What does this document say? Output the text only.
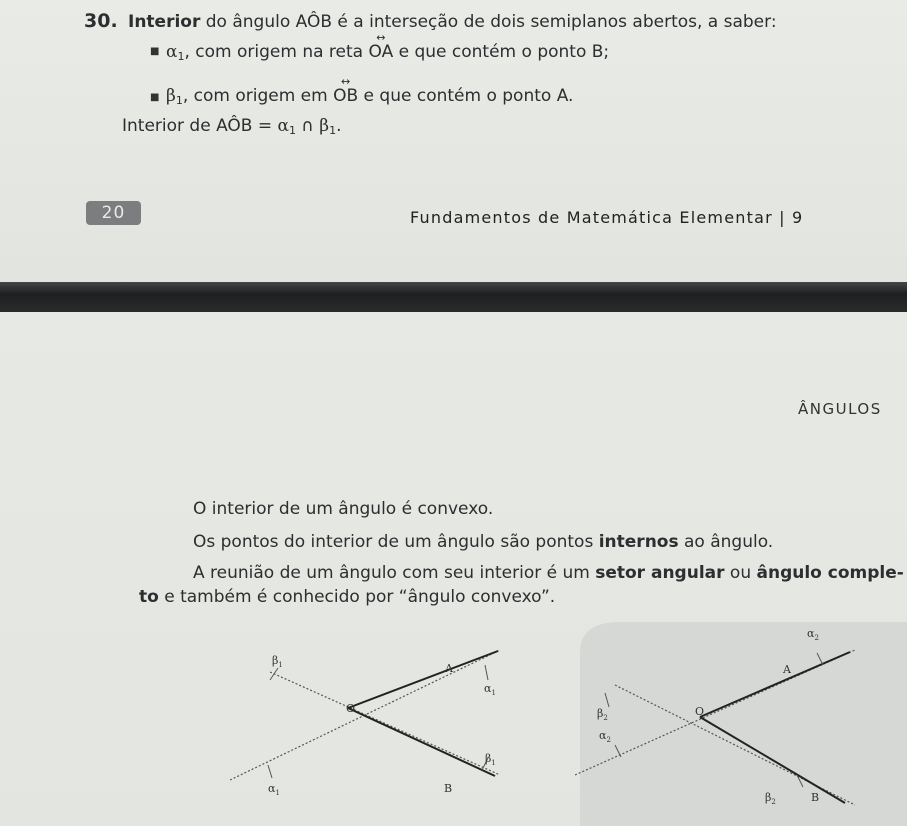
30. Interior do ângulo AÔB é a interseção de dois semiplanos abertos, a saber:
■ $\alpha_1$, com origem na reta
↔
OA e que contém o ponto B;
■ $\beta_1$, com origem em
↔
OB e que contém o ponto A.
Interior de AÔB = $\alpha_1$ ∩ $\beta_1$.
20	Fundamentos de Matemática Elementar | 9
ÂNGULOS
O interior de um ângulo é convexo.
Os pontos do interior de um ângulo são pontos internos ao ângulo.
A reunião de um ângulo com seu interior é um setor angular ou ângulo comple-
to e também é conhecido por “ângulo convexo”.
$\beta_1$	A
$\alpha_1$
O
$\beta_1$
B
$\alpha_1$
$\alpha_2$
A
$\beta_2$	O
$\alpha_2$
$\beta_2$	B
